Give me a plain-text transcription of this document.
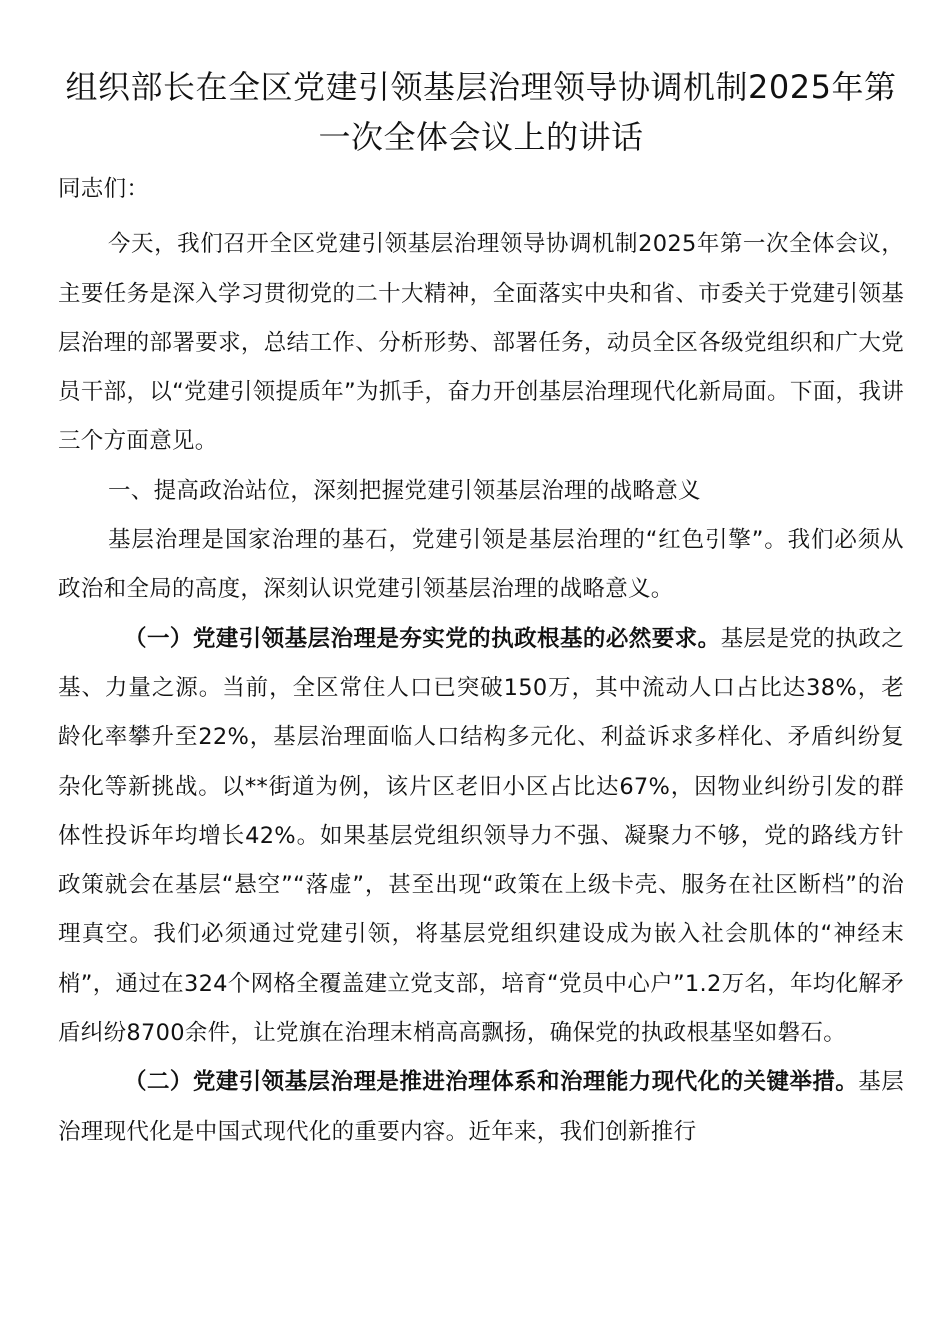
组织部长在全区党建引领基层治理领导协调机制2025年第一次全体会议上的讲话

同志们：

今天，我们召开全区党建引领基层治理领导协调机制2025年第一次全体会议，主要任务是深入学习贯彻党的二十大精神，全面落实中央和省、市委关于党建引领基层治理的部署要求，总结工作、分析形势、部署任务，动员全区各级党组织和广大党员干部，以“党建引领提质年”为抓手，奋力开创基层治理现代化新局面。下面，我讲三个方面意见。

一、提高政治站位，深刻把握党建引领基层治理的战略意义

基层治理是国家治理的基石，党建引领是基层治理的“红色引擎”。我们必须从政治和全局的高度，深刻认识党建引领基层治理的战略意义。

（一）党建引领基层治理是夯实党的执政根基的必然要求。基层是党的执政之基、力量之源。当前，全区常住人口已突破150万，其中流动人口占比达38%，老龄化率攀升至22%，基层治理面临人口结构多元化、利益诉求多样化、矛盾纠纷复杂化等新挑战。以**街道为例，该片区老旧小区占比达67%，因物业纠纷引发的群体性投诉年均增长42%。如果基层党组织领导力不强、凝聚力不够，党的路线方针政策就会在基层“悬空”“落虚”，甚至出现“政策在上级卡壳、服务在社区断档”的治理真空。我们必须通过党建引领，将基层党组织建设成为嵌入社会肌体的“神经末梢”，通过在324个网格全覆盖建立党支部，培育“党员中心户”1.2万名，年均化解矛盾纠纷8700余件，让党旗在治理末梢高高飘扬，确保党的执政根基坚如磐石。

（二）党建引领基层治理是推进治理体系和治理能力现代化的关键举措。基层治理现代化是中国式现代化的重要内容。近年来，我们创新推行
